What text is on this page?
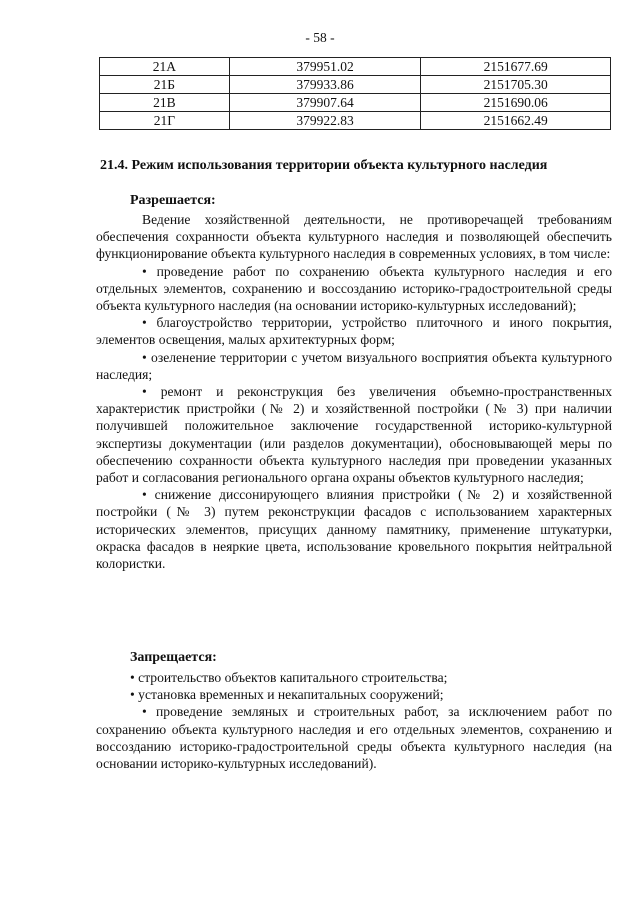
- 58 -
21А	379951.02	2151677.69
21Б	379933.86	2151705.30
21В	379907.64	2151690.06
21Г	379922.83	2151662.49
21.4. Режим использования территории объекта культурного наследия
Разрешается:

Ведение хозяйственной деятельности, не противоречащей требованиям обеспечения сохранности объекта культурного наследия и позволяющей обеспечить функционирование объекта культурного наследия в современных условиях, в том числе:

• проведение работ по сохранению объекта культурного наследия и его отдельных элементов, сохранению и воссозданию историко-градостроительной среды объекта культурного наследия (на основании историко-культурных исследований);

• благоустройство территории, устройство плиточного и иного покрытия, элементов освещения, малых архитектурных форм;

• озеленение территории с учетом визуального восприятия объекта культурного наследия;

• ремонт и реконструкция без увеличения объемно-пространственных характеристик пристройки (№ 2) и хозяйственной постройки (№ 3) при наличии получившей положительное заключение государственной историко-культурной экспертизы документации (или разделов документации), обосновывающей меры по обеспечению сохранности объекта культурного наследия при проведении указанных работ и согласования регионального органа охраны объектов культурного наследия;

• снижение диссонирующего влияния пристройки (№ 2) и хозяйственной постройки (№ 3) путем реконструкции фасадов с использованием характерных исторических элементов, присущих данному памятнику, применение штукатурки, окраска фасадов в неяркие цвета, использование кровельного покрытия нейтральной колористки.

Запрещается:

• строительство объектов капитального строительства;

• установка временных и некапитальных сооружений;

• проведение земляных и строительных работ, за исключением работ по сохранению объекта культурного наследия и его отдельных элементов, сохранению и воссозданию историко-градостроительной среды объекта культурного наследия (на основании историко-культурных исследований).
